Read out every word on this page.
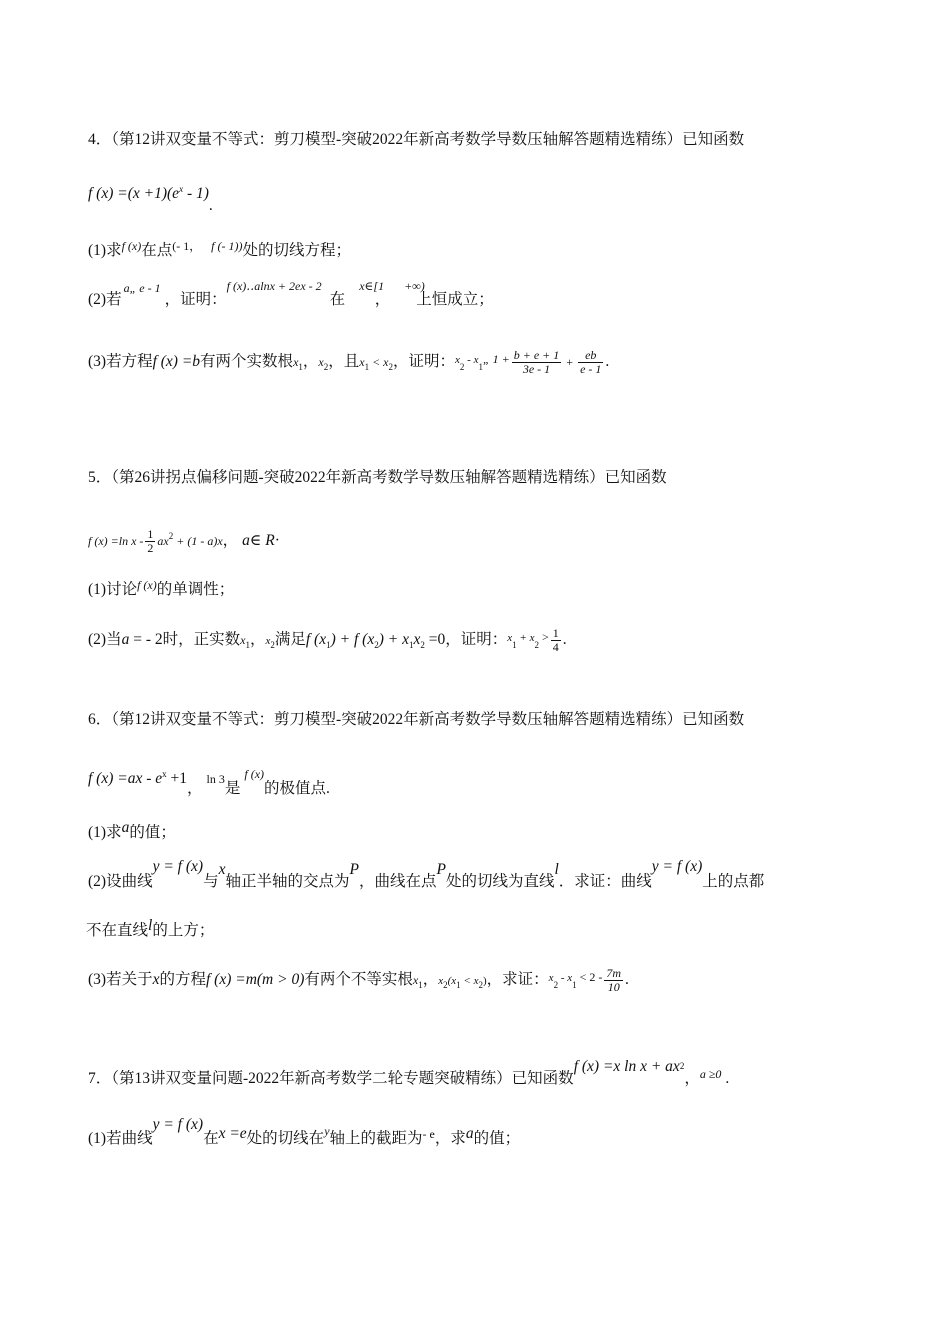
4．（第12讲双变量不等式：剪刀模型-突破2022年新高考数学导数压轴解答题精选精练）已知函数
f $(x) =(x +1)(e^x - 1)$.
(1)求$^{f (x)}$在点$^{(- 1,}$ $^{f (- 1))}$处的切线方程；
(2)若$^{a„}$ $^{e - 1}$，证明：$^{f (x)‥alnx + 2ex - 2}$在$^{x\in[1}$ +∞)， 上恒成立；
(3)若方程f (x) =b有两个实数根$x_1$，$x_2$，且$x_1 < x_2$，证明：$x_2$ - $x_1„$ $1 + \frac{b + e + 1}{3e - 1} + \frac{eb}{e - 1}$ .
5．（第26讲拐点偏移问题-突破2022年新高考数学导数压轴解答题精选精练）已知函数
f (x) =ln $x - \frac{1}{2} ax^2 + (1 - a)x$， a∈ R·
(1)讨论$^{f (x)}$的单调性；
(2)当a = - 2时，正实数$x_1$，$x_2$满足f $(x_1) + f$ $(x_2) + x_1x_2 =0$，证明：$x_1 + x_2 > \frac{1}{4}$ .
6．（第12讲双变量不等式：剪刀模型-突破2022年新高考数学导数压轴解答题精选精练）已知函数
f $(x) =ax - e^x +1$，ln 3是$^{f (x)}$的极值点.
(1)求a的值；
(2)设曲线y = f (x)与x轴正半轴的交点为P，曲线在点P处的切线为直线l．求证：曲线y = f (x)上的点都
不在直线l的上方；
(3)若关于x的方程f (x) =m(m > 0)有两个不等实根$x_1$，$x_2(x_1 < x_2)$，求证：$x_2 - x_1 < 2 - \frac{7m}{10}$ .
7．（第13讲双变量问题-2022年新高考数学二轮专题突破精练）已知函数f (x) =x $\ln x + ax^2$，$^{a \ge 0}$ .
(1)若曲线y = f (x)在x =e处的切线在$^y$轴上的截距为$^{- e}$，求a的值；
